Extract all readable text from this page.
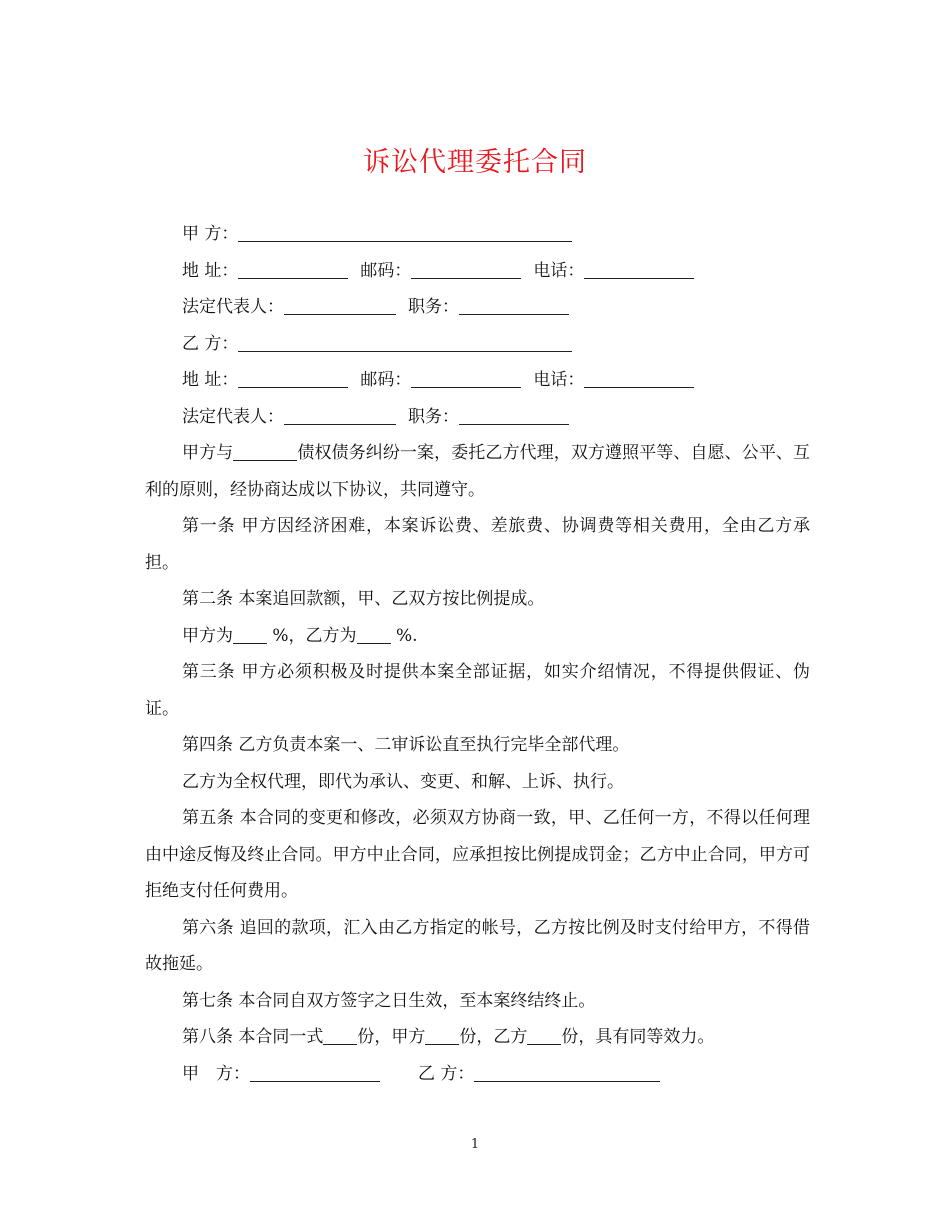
诉讼代理委托合同
甲 方：
地 址：	邮码：	电话：
法定代表人：	职务：
乙 方：
地 址：	邮码：	电话：
法定代表人：	职务：
甲方与	债权债务纠纷一案，委托乙方代理，双方遵照平等、自愿、公平、互利的原则，经协商达成以下协议，共同遵守。
第一条 甲方因经济困难，本案诉讼费、差旅费、协调费等相关费用，全由乙方承担。
第二条 本案追回款额，甲、乙双方按比例提成。
甲方为 %，乙方为 %.
第三条 甲方必须积极及时提供本案全部证据，如实介绍情况，不得提供假证、伪证。
第四条 乙方负责本案一、二审诉讼直至执行完毕全部代理。
乙方为全权代理，即代为承认、变更、和解、上诉、执行。
第五条 本合同的变更和修改，必须双方协商一致，甲、乙任何一方，不得以任何理由中途反悔及终止合同。甲方中止合同，应承担按比例提成罚金；乙方中止合同，甲方可拒绝支付任何费用。
第六条 追回的款项，汇入由乙方指定的帐号，乙方按比例及时支付给甲方，不得借故拖延。
第七条 本合同自双方签字之日生效，至本案终结终止。
第八条 本合同一式 份，甲方 份，乙方 份，具有同等效力。
甲　方：	乙 方：
1
